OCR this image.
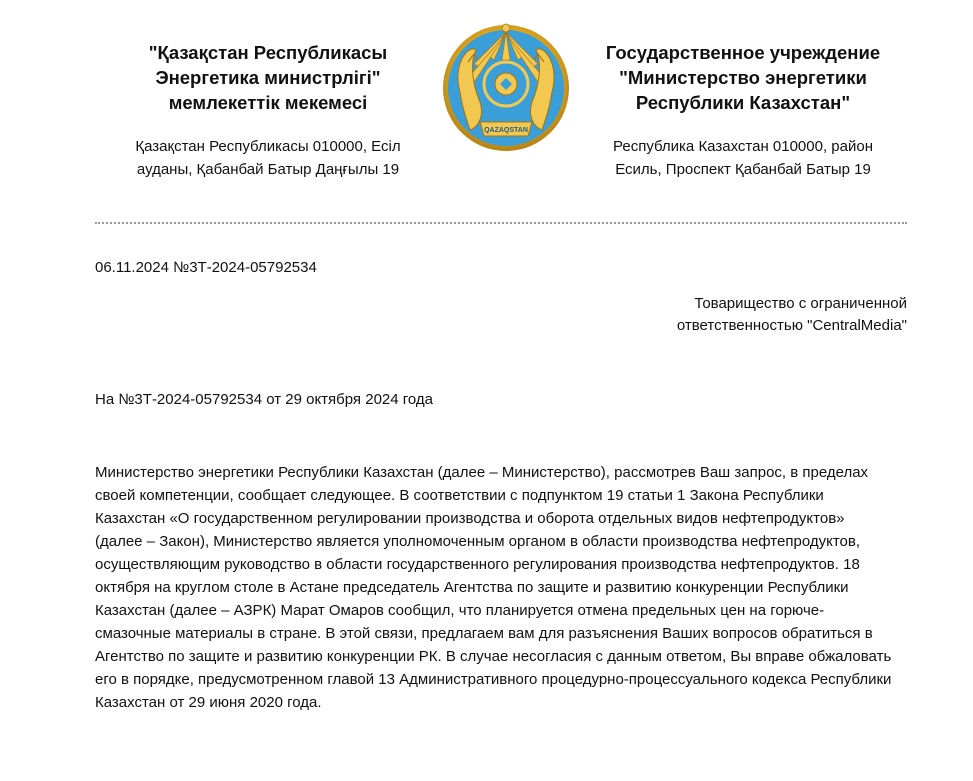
"Қазақстан Республикасы
Энергетика министрлігі"
мемлекеттік мекемесі
Қазақстан Республикасы 010000, Есіл
ауданы, Қабанбай Батыр Даңғылы 19
QAZAQSTAN
Государственное учреждение
"Министерство энергетики
Республики Казахстан"
Республика Казахстан 010000, район
Есиль, Проспект Қабанбай Батыр 19
06.11.2024 №3Т-2024-05792534
Товарищество с ограниченной
ответственностью "CentralMedia"
На №3Т-2024-05792534 от 29 октября 2024 года

Министерство энергетики Республики Казахстан (далее – Министерство), рассмотрев Ваш запрос, в пределах своей компетенции, сообщает следующее. В соответствии с подпунктом 19 статьи 1 Закона Республики Казахстан «О государственном регулировании производства и оборота отдельных видов нефтепродуктов» (далее – Закон), Министерство является уполномоченным органом в области производства нефтепродуктов, осуществляющим руководство в области государственного регулирования производства нефтепродуктов. 18 октября на круглом столе в Астане председатель Агентства по защите и развитию конкуренции Республики Казахстан (далее – АЗРК) Марат Омаров сообщил, что планируется отмена предельных цен на горюче-смазочные материалы в стране. В этой связи, предлагаем вам для разъяснения Ваших вопросов обратиться в Агентство по защите и развитию конкуренции РК. В случае несогласия с данным ответом, Вы вправе обжаловать его в порядке, предусмотренном главой 13 Административного процедурно-процессуального кодекса Республики Казахстан от 29 июня 2020 года.
